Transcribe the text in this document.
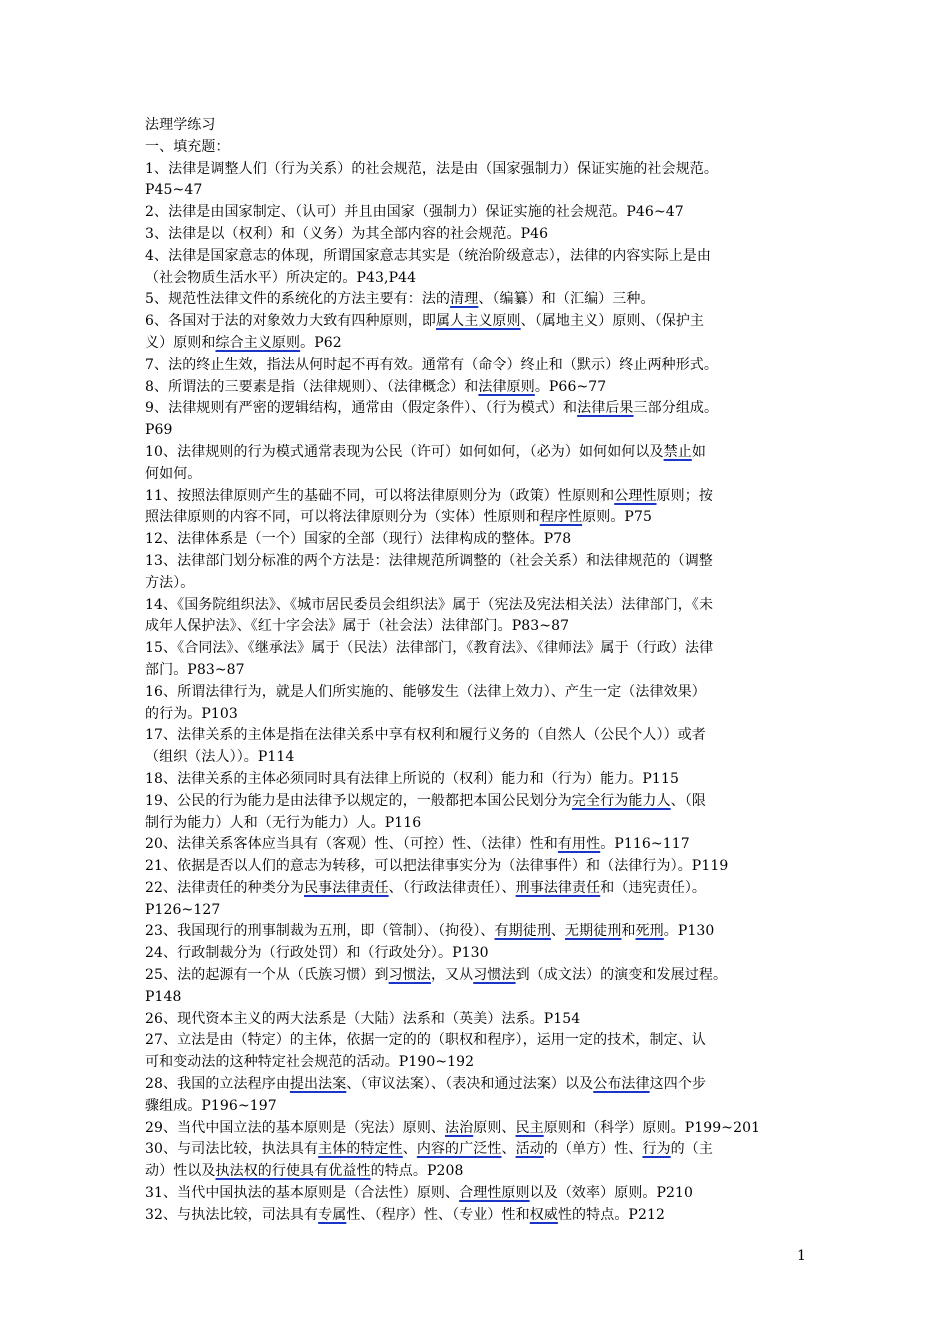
法理学练习
一、填充题：
1、法律是调整人们（行为关系）的社会规范，法是由（国家强制力）保证实施的社会规范。
P45~47
2、法律是由国家制定、（认可）并且由国家（强制力）保证实施的社会规范。P46~47
3、法律是以（权利）和（义务）为其全部内容的社会规范。P46
4、法律是国家意志的体现，所谓国家意志其实是（统治阶级意志），法律的内容实际上是由
（社会物质生活水平）所决定的。P43,P44
5、规范性法律文件的系统化的方法主要有：法的清理、（编纂）和（汇编）三种。
6、各国对于法的对象效力大致有四种原则，即属人主义原则、（属地主义）原则、（保护主
义）原则和综合主义原则。P62
7、法的终止生效，指法从何时起不再有效。通常有（命令）终止和（默示）终止两种形式。
8、所谓法的三要素是指（法律规则）、（法律概念）和法律原则。P66~77
9、法律规则有严密的逻辑结构，通常由（假定条件）、（行为模式）和法律后果三部分组成。
P69
10、法律规则的行为模式通常表现为公民（许可）如何如何，（必为）如何如何以及禁止如
何如何。
11、按照法律原则产生的基础不同，可以将法律原则分为（政策）性原则和公理性原则；按
照法律原则的内容不同，可以将法律原则分为（实体）性原则和程序性原则。P75
12、法律体系是（一个）国家的全部（现行）法律构成的整体。P78
13、法律部门划分标准的两个方法是：法律规范所调整的（社会关系）和法律规范的（调整
方法）。
14、《国务院组织法》、《城市居民委员会组织法》属于（宪法及宪法相关法）法律部门，《未
成年人保护法》、《红十字会法》属于（社会法）法律部门。P83~87
15、《合同法》、《继承法》属于（民法）法律部门，《教育法》、《律师法》属于（行政）法律
部门。P83~87
16、所谓法律行为，就是人们所实施的、能够发生（法律上效力）、产生一定（法律效果）
的行为。P103
17、法律关系的主体是指在法律关系中享有权利和履行义务的（自然人（公民个人））或者
（组织（法人））。P114
18、法律关系的主体必须同时具有法律上所说的（权利）能力和（行为）能力。P115
19、公民的行为能力是由法律予以规定的，一般都把本国公民划分为完全行为能力人、（限
制行为能力）人和（无行为能力）人。P116
20、法律关系客体应当具有（客观）性、（可控）性、（法律）性和有用性。P116~117
21、依据是否以人们的意志为转移，可以把法律事实分为（法律事件）和（法律行为）。P119
22、法律责任的种类分为民事法律责任、（行政法律责任）、刑事法律责任和（违宪责任）。
P126~127
23、我国现行的刑事制裁为五刑，即（管制）、（拘役）、有期徒刑、无期徒刑和死刑。P130
24、行政制裁分为（行政处罚）和（行政处分）。P130
25、法的起源有一个从（氏族习惯）到习惯法，又从习惯法到（成文法）的演变和发展过程。
P148
26、现代资本主义的两大法系是（大陆）法系和（英美）法系。P154
27、立法是由（特定）的主体，依据一定的的（职权和程序），运用一定的技术，制定、认
可和变动法的这种特定社会规范的活动。P190~192
28、我国的立法程序由提出法案、（审议法案）、（表决和通过法案）以及公布法律这四个步
骤组成。P196~197
29、当代中国立法的基本原则是（宪法）原则、法治原则、民主原则和（科学）原则。P199~201
30、与司法比较，执法具有主体的特定性、内容的广泛性、活动的（单方）性、行为的（主
动）性以及执法权的行使具有优益性的特点。P208
31、当代中国执法的基本原则是（合法性）原则、合理性原则以及（效率）原则。P210
32、与执法比较，司法具有专属性、（程序）性、（专业）性和权威性的特点。P212
1
